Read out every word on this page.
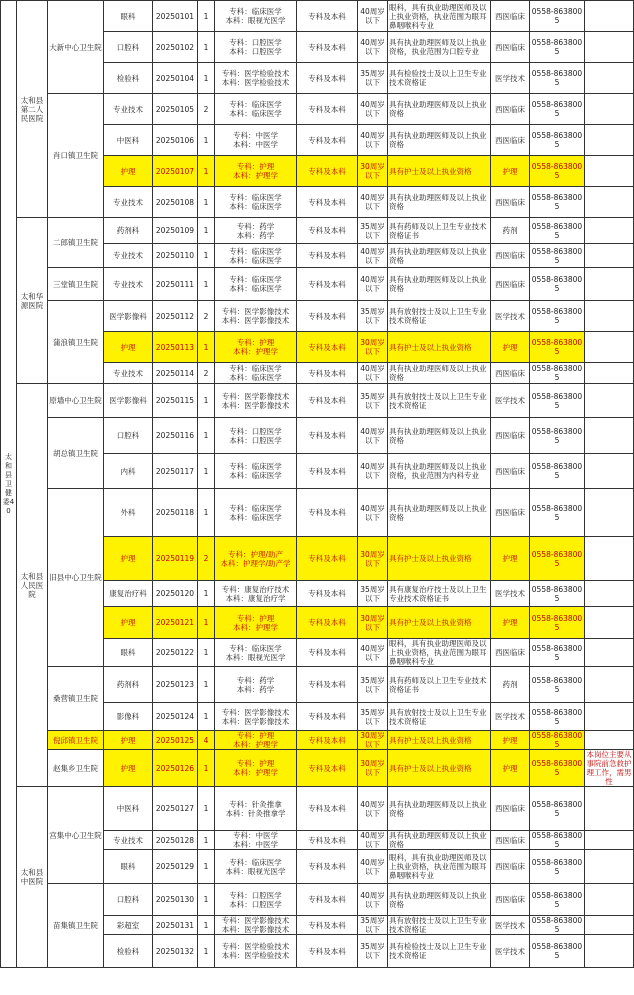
太和县卫健委40	太和县第二人民医院	大新中心卫生院	眼科	20250101	1	专科：临床医学
本科：眼视光医学	专科及本科	40周岁以下	眼科，具有执业助理医师及以上执业资格，执业范围为眼耳鼻咽喉科专业	西医临床	0558-8638005	
			口腔科	20250102	1	专科：口腔医学
本科：口腔医学	专科及本科	40周岁以下	具有执业助理医师及以上执业资格，执业范围为口腔专业	西医临床	0558-8638005	
			检验科	20250104	1	专科：医学检验技术
本科：医学检验技术	专科及本科	35周岁以下	具有检验技士及以上卫生专业技术资格证	医学技术	0558-8638005	
		肖口镇卫生院	专业技术	20250105	2	专科：临床医学
本科：临床医学	专科及本科	40周岁以下	具有执业助理医师及以上执业资格	西医临床	0558-8638005	
			中医科	20250106	1	专科：中医学
本科：中医学	专科及本科	40周岁以下	具有执业助理医师及以上执业资格	西医临床	0558-8638005	
			护理	20250107	1	专科：护理
本科：护理学	专科及本科	30周岁以下	具有护士及以上执业资格	护理	0558-8638005	
			专业技术	20250108	1	专科：临床医学
本科：临床医学	专科及本科	40周岁以下	具有执业助理医师及以上执业资格	西医临床	0558-8638005	
	太和华源医院	二郎镇卫生院	药剂科	20250109	1	专科：药学
本科：药学	专科及本科	35周岁以下	具有药师及以上卫生专业技术资格证书	药剂	0558-8638005	
			专业技术	20250110	1	专科：临床医学
本科：临床医学	专科及本科	40周岁以下	具有执业助理医师及以上执业资格	西医临床	0558-8638005	
		三堂镇卫生院	专业技术	20250111	1	专科：临床医学
本科：临床医学	专科及本科	40周岁以下	具有执业助理医师及以上执业资格	西医临床	0558-8638005	
		蒲浪镇卫生院	医学影像科	20250112	2	专科：医学影像技术
本科：医学影像技术	专科及本科	35周岁以下	具有放射技士及以上卫生专业技术资格证	医学技术	0558-8638005	
			护理	20250113	1	专科：护理
本科：护理学	专科及本科	30周岁以下	具有护士及以上执业资格	护理	0558-8638005	
			专业技术	20250114	2	专科：临床医学
本科：临床医学	专科及本科	40周岁以下	具有执业助理医师及以上执业资格	西医临床	0558-8638005	
	太和县人民医院	原墙中心卫生院	医学影像科	20250115	1	专科：医学影像技术
本科：医学影像技术	专科及本科	35周岁以下	具有放射技士及以上卫生专业技术资格证	医学技术	0558-8638005	
		胡总镇卫生院	口腔科	20250116	1	专科：口腔医学
本科：口腔医学	专科及本科	40周岁以下	具有执业助理医师及以上执业资格	西医临床	0558-8638005	
			内科	20250117	1	专科：临床医学
本科：临床医学	专科及本科	40周岁以下	具有执业助理医师及以上执业资格，执业范围为内科专业	西医临床	0558-8638005	
		旧县中心卫生院	外科	20250118	1	专科：临床医学
本科：临床医学	专科及本科	40周岁以下	具有执业助理医师及以上执业资格	西医临床	0558-8638005	
			护理	20250119	2	专科：护理/助产
本科：护理学/助产学	专科及本科	30周岁以下	具有护士及以上执业资格	护理	0558-8638005	
			康复治疗科	20250120	1	专科：康复治疗技术
本科：康复治疗学	专科及本科	35周岁以下	具有康复治疗技士及以上卫生专业技术资格证书	医学技术	0558-8638005	
			护理	20250121	1	专科：护理
本科：护理学	专科及本科	30周岁以下	具有护士及以上执业资格	护理	0558-8638005	
			眼科	20250122	1	专科：临床医学
本科：眼视光医学	专科及本科	40周岁以下	眼科，具有执业助理医师及以上执业资格，执业范围为眼耳鼻咽喉科专业	西医临床	0558-8638005	
		桑营镇卫生院	药剂科	20250123	1	专科：药学
本科：药学	专科及本科	35周岁以下	具有药师及以上卫生专业技术资格证书	药剂	0558-8638005	
			影像科	20250124	1	专科：医学影像技术
本科：医学影像技术	专科及本科	35周岁以下	具有放射技士及以上卫生专业技术资格证	医学技术	0558-8638005	
		倪邱镇卫生院	护理	20250125	4	专科：护理
本科：护理学	专科及本科	30周岁以下	具有护士及以上执业资格	护理	0558-8638005	
		赵集乡卫生院	护理	20250126	1	专科：护理
本科：护理学	专科及本科	30周岁以下	具有护士及以上执业资格	护理	0558-8638005	本岗位主要从事院前急救护理工作，需男性
	太和县中医院	宫集中心卫生院	中医科	20250127	1	专科：针灸推拿
本科：针灸推拿学	专科及本科	40周岁以下	具有执业助理医师及以上执业资格	西医临床	0558-8638005	
			专业技术	20250128	1	专科：中医学
本科：中医学	专科及本科	40周岁以下	具有执业助理医师及以上执业资格	西医临床	0558-8638005	
			眼科	20250129	1	专科：临床医学
本科：眼视光医学	专科及本科	40周岁以下	眼科，具有执业助理医师及以上执业资格，执业范围为眼耳鼻咽喉科专业	西医临床	0558-8638005	
		苗集镇卫生院	口腔科	20250130	1	专科：口腔医学
本科：口腔医学	专科及本科	40周岁以下	具有执业助理医师及以上执业资格	西医临床	0558-8638005	
			彩超室	20250131	1	专科：医学影像技术
本科：医学影像技术	专科及本科	35周岁以下	具有放射技士及以上卫生专业技术资格证	医学技术	0558-8638005	
			检验科	20250132	1	专科：医学检验技术
本科：医学检验技术	专科及本科	35周岁以下	具有检验技士及以上卫生专业技术资格证	医学技术	0558-8638005	
